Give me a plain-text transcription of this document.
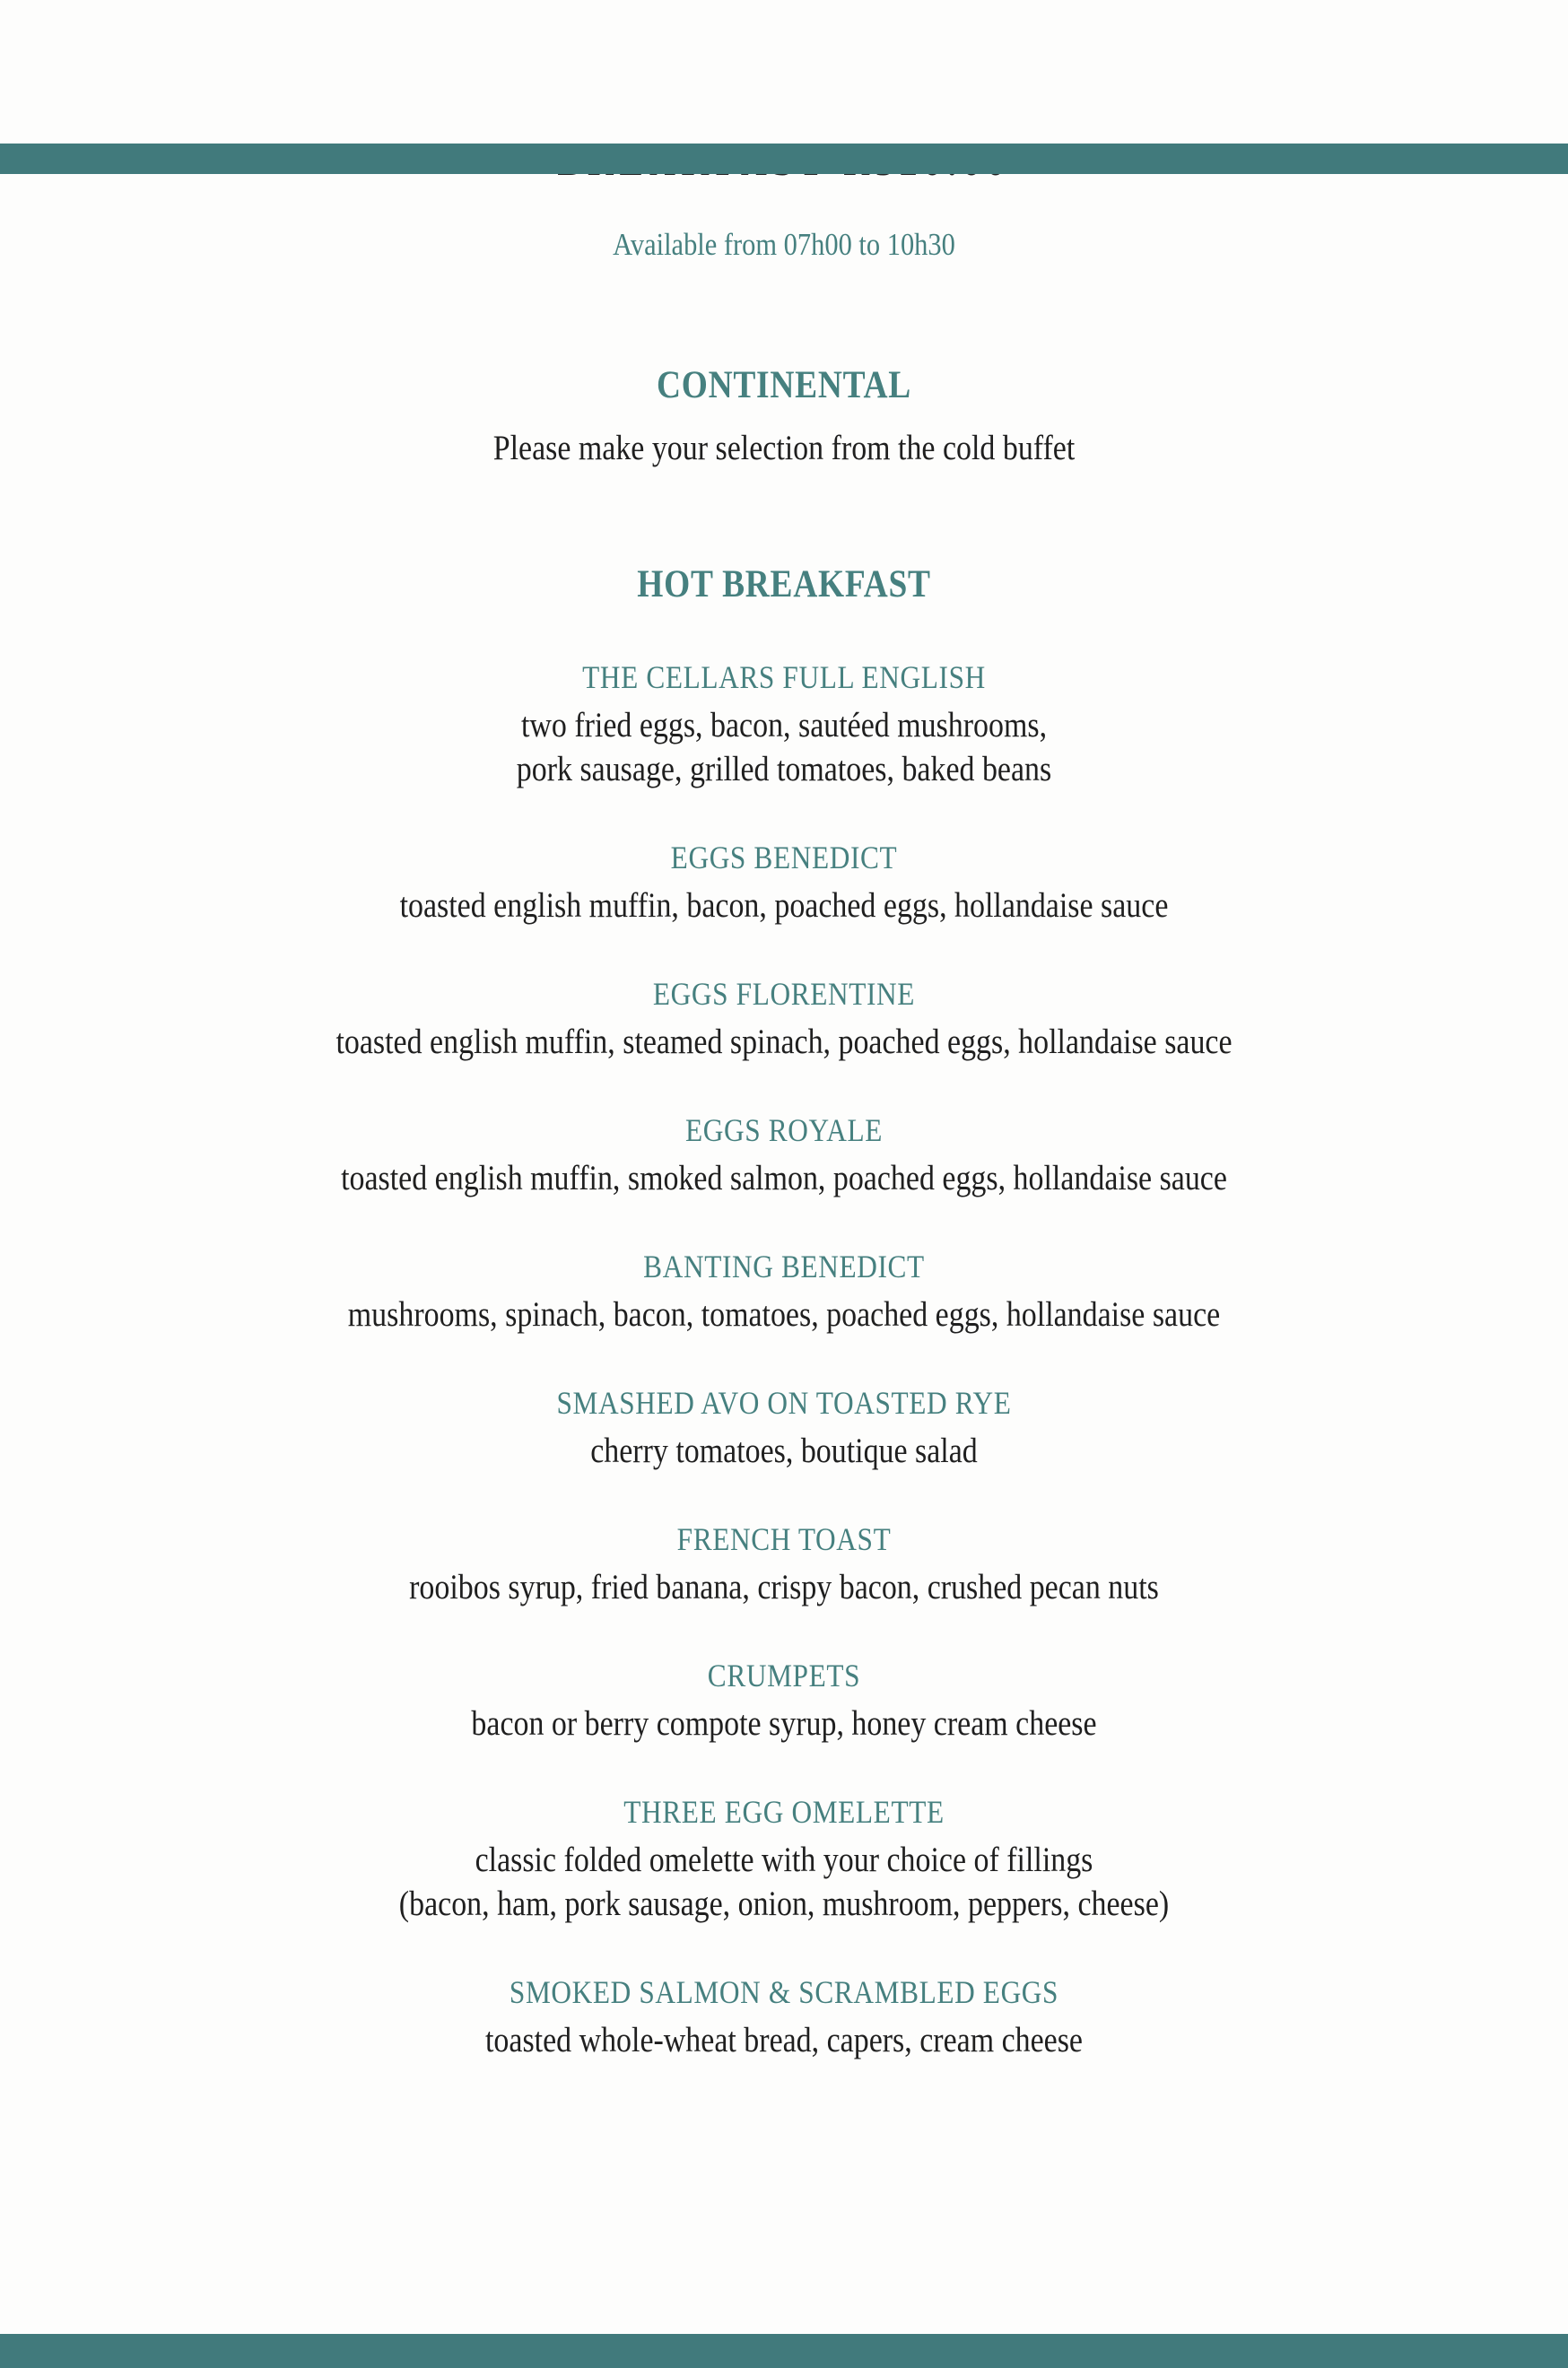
Available from 07h00 to 10h30
CONTINENTAL
Please make your selection from the cold buffet
HOT BREAKFAST
THE CELLARS FULL ENGLISH
two fried eggs, bacon, sautéed mushrooms,
pork sausage, grilled tomatoes, baked beans
EGGS BENEDICT
toasted english muffin, bacon, poached eggs, hollandaise sauce
EGGS FLORENTINE
toasted english muffin, steamed spinach, poached eggs, hollandaise sauce
EGGS ROYALE
toasted english muffin, smoked salmon, poached eggs, hollandaise sauce
BANTING BENEDICT
mushrooms, spinach, bacon, tomatoes, poached eggs, hollandaise sauce
SMASHED AVO ON TOASTED RYE
cherry tomatoes, boutique salad
FRENCH TOAST
rooibos syrup, fried banana, crispy bacon, crushed pecan nuts
CRUMPETS
bacon or berry compote syrup, honey cream cheese
THREE EGG OMELETTE
classic folded omelette with your choice of fillings
(bacon, ham, pork sausage, onion, mushroom, peppers, cheese)
SMOKED SALMON & SCRAMBLED EGGS
toasted whole-wheat bread, capers, cream cheese
